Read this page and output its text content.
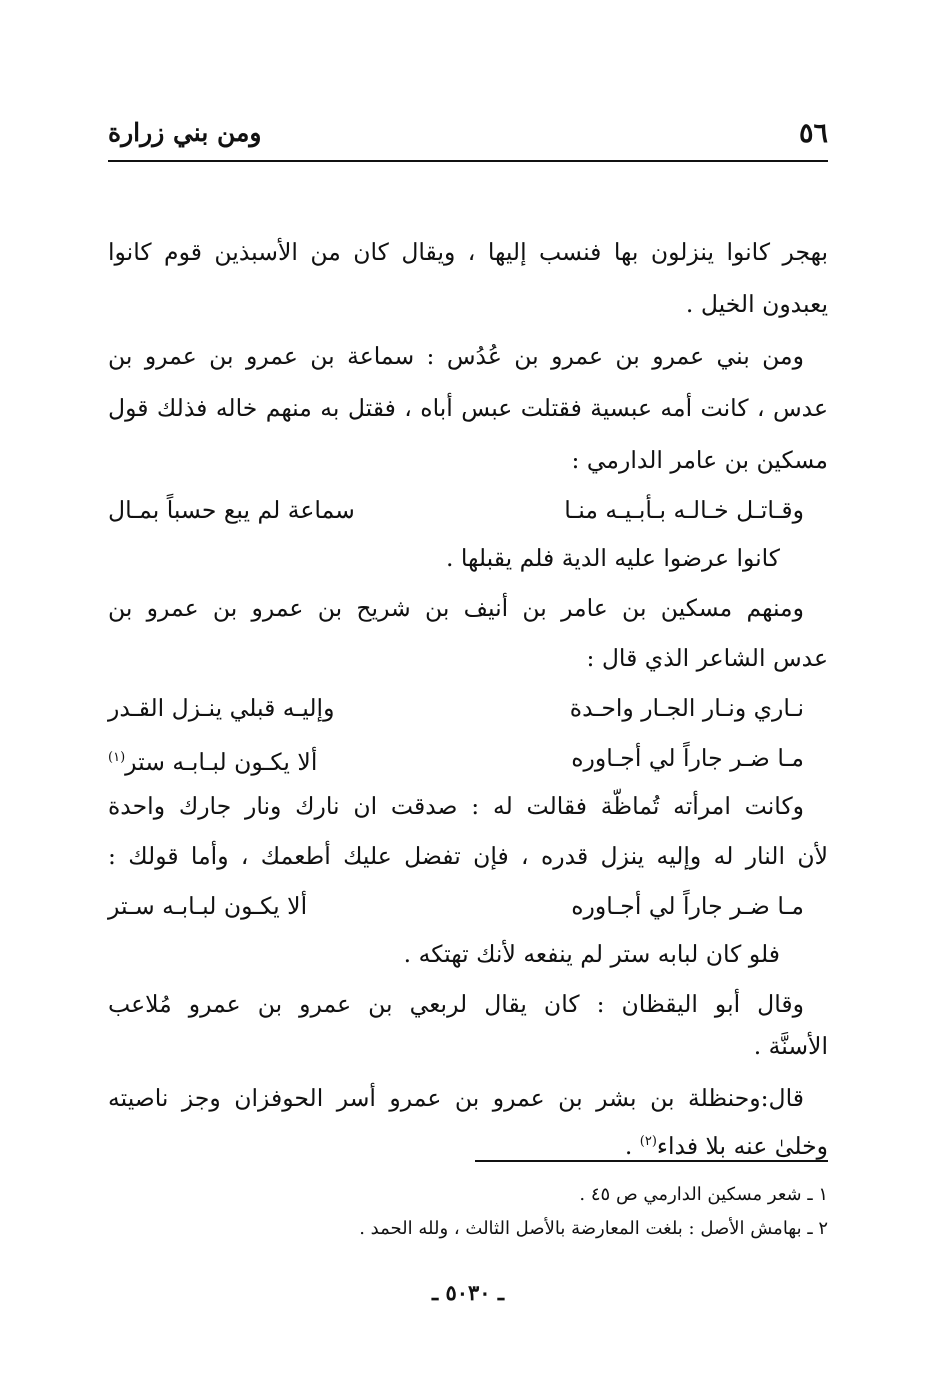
٥٦
ومن بني زرارة
بهجر كانوا ينزلون بها فنسب إليها ، ويقال كان من الأسبذين قوم كانوا
يعبدون الخيل .
ومن بني عمرو بن عمرو بن عُدُس : سماعة بن عمرو بن عمرو بن
عدس ، كانت أمه عبسية فقتلت عبس أباه ، فقتل به منهم خاله فذلك قول
مسكين بن عامر الدارمي :
وقـاتـل خـالـه بـأبـيـه منـا
سماعة لم يبع حسباً بمـال
كانوا عرضوا عليه الدية فلم يقبلها .
ومنهم مسكين بن عامر بن أنيف بن شريح بن عمرو بن عمرو بن
عدس الشاعر الذي قال :
نـاري ونـار الجـار واحـدة
وإليـه قبلي ينـزل القـدر
مـا ضـر جاراً لي أجـاوره
ألا يكـون لبـابـه ستر$^{(١)}$
وكانت امرأته تُماظّة فقالت له : صدقت ان نارك ونار جارك واحدة
لأن النار له وإليه ينزل قدره ، فإن تفضل عليك أطعمك ، وأما قولك :
مـا ضـر جاراً لي أجـاوره
ألا يكـون لبـابـه سـتر
فلو كان لبابه ستر لم ينفعه لأنك تهتكه .
وقال أبو اليقظان : كان يقال لربعي بن عمرو بن عمرو مُلاعب
الأسنَّة .
قال:وحنظلة بن بشر بن عمرو بن عمرو أسر الحوفزان وجز ناصيته
وخلىٰ عنه بلا فداء$^{(٢)}$ .
١ ـ شعر مسكين الدارمي ص ٤٥ .
٢ ـ بهامش الأصل : بلغت المعارضة بالأصل الثالث ، ولله الحمد .
ـ ٥٠٣٠ ـ
